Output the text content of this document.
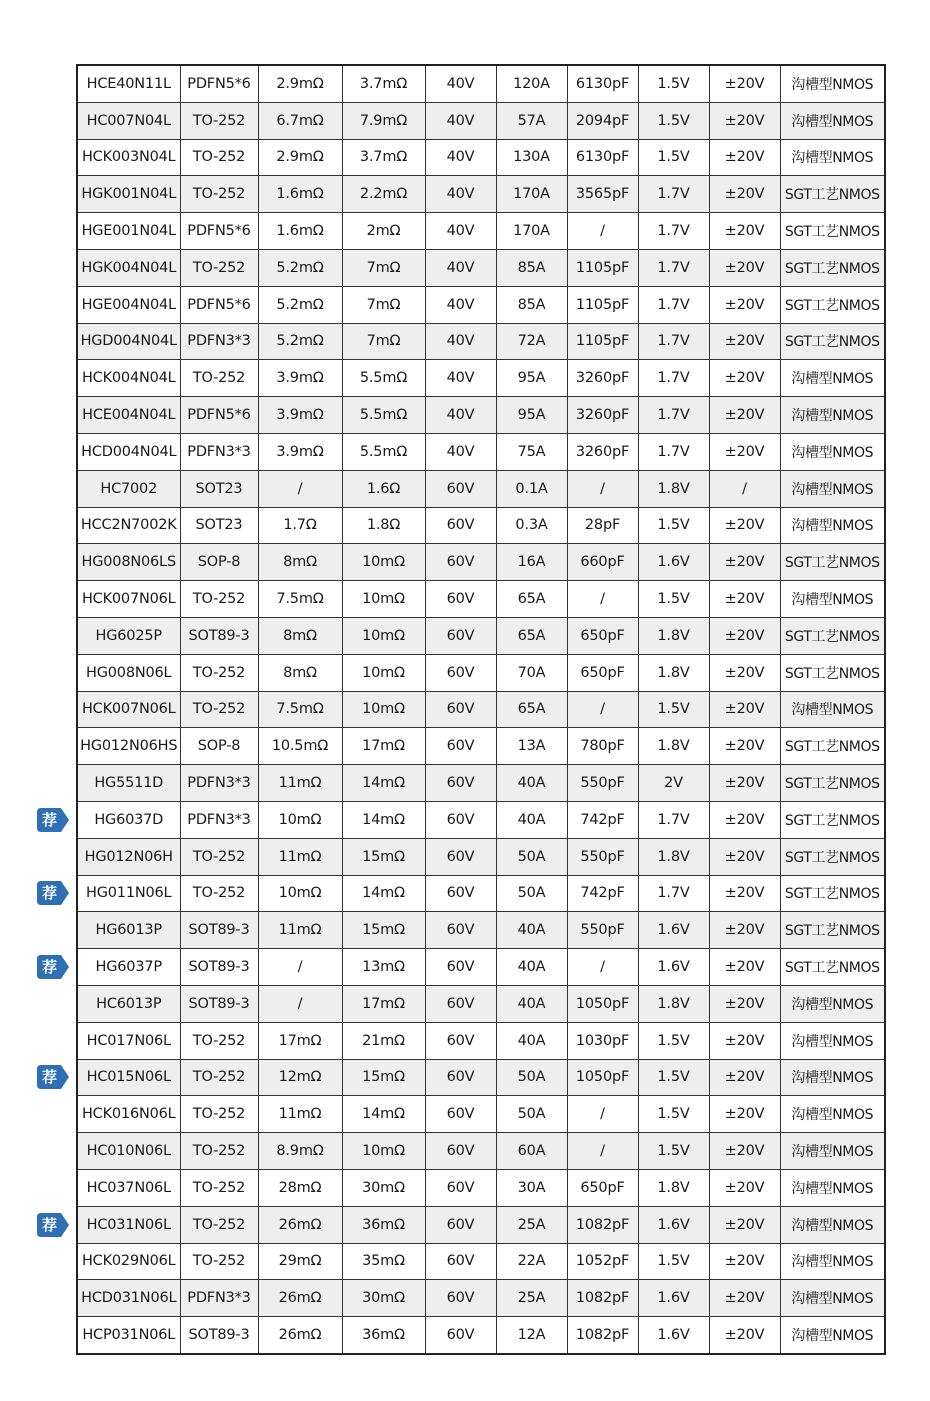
HCE40N11L	PDFN5*6	2.9mΩ	3.7mΩ	40V	120A	6130pF	1.5V	±20V	沟槽型NMOS
HC007N04L	TO-252	6.7mΩ	7.9mΩ	40V	57A	2094pF	1.5V	±20V	沟槽型NMOS
HCK003N04L	TO-252	2.9mΩ	3.7mΩ	40V	130A	6130pF	1.5V	±20V	沟槽型NMOS
HGK001N04L	TO-252	1.6mΩ	2.2mΩ	40V	170A	3565pF	1.7V	±20V	SGT工艺NMOS
HGE001N04L	PDFN5*6	1.6mΩ	2mΩ	40V	170A	/	1.7V	±20V	SGT工艺NMOS
HGK004N04L	TO-252	5.2mΩ	7mΩ	40V	85A	1105pF	1.7V	±20V	SGT工艺NMOS
HGE004N04L	PDFN5*6	5.2mΩ	7mΩ	40V	85A	1105pF	1.7V	±20V	SGT工艺NMOS
HGD004N04L	PDFN3*3	5.2mΩ	7mΩ	40V	72A	1105pF	1.7V	±20V	SGT工艺NMOS
HCK004N04L	TO-252	3.9mΩ	5.5mΩ	40V	95A	3260pF	1.7V	±20V	沟槽型NMOS
HCE004N04L	PDFN5*6	3.9mΩ	5.5mΩ	40V	95A	3260pF	1.7V	±20V	沟槽型NMOS
HCD004N04L	PDFN3*3	3.9mΩ	5.5mΩ	40V	75A	3260pF	1.7V	±20V	沟槽型NMOS
HC7002	SOT23	/	1.6Ω	60V	0.1A	/	1.8V	/	沟槽型NMOS
HCC2N7002K	SOT23	1.7Ω	1.8Ω	60V	0.3A	28pF	1.5V	±20V	沟槽型NMOS
HG008N06LS	SOP-8	8mΩ	10mΩ	60V	16A	660pF	1.6V	±20V	SGT工艺NMOS
HCK007N06L	TO-252	7.5mΩ	10mΩ	60V	65A	/	1.5V	±20V	沟槽型NMOS
HG6025P	SOT89-3	8mΩ	10mΩ	60V	65A	650pF	1.8V	±20V	SGT工艺NMOS
HG008N06L	TO-252	8mΩ	10mΩ	60V	70A	650pF	1.8V	±20V	SGT工艺NMOS
HCK007N06L	TO-252	7.5mΩ	10mΩ	60V	65A	/	1.5V	±20V	沟槽型NMOS
HG012N06HS	SOP-8	10.5mΩ	17mΩ	60V	13A	780pF	1.8V	±20V	SGT工艺NMOS
HG5511D	PDFN3*3	11mΩ	14mΩ	60V	40A	550pF	2V	±20V	SGT工艺NMOS
HG6037D	PDFN3*3	10mΩ	14mΩ	60V	40A	742pF	1.7V	±20V	SGT工艺NMOS
HG012N06H	TO-252	11mΩ	15mΩ	60V	50A	550pF	1.8V	±20V	SGT工艺NMOS
HG011N06L	TO-252	10mΩ	14mΩ	60V	50A	742pF	1.7V	±20V	SGT工艺NMOS
HG6013P	SOT89-3	11mΩ	15mΩ	60V	40A	550pF	1.6V	±20V	SGT工艺NMOS
HG6037P	SOT89-3	/	13mΩ	60V	40A	/	1.6V	±20V	SGT工艺NMOS
HC6013P	SOT89-3	/	17mΩ	60V	40A	1050pF	1.8V	±20V	沟槽型NMOS
HC017N06L	TO-252	17mΩ	21mΩ	60V	40A	1030pF	1.5V	±20V	沟槽型NMOS
HC015N06L	TO-252	12mΩ	15mΩ	60V	50A	1050pF	1.5V	±20V	沟槽型NMOS
HCK016N06L	TO-252	11mΩ	14mΩ	60V	50A	/	1.5V	±20V	沟槽型NMOS
HC010N06L	TO-252	8.9mΩ	10mΩ	60V	60A	/	1.5V	±20V	沟槽型NMOS
HC037N06L	TO-252	28mΩ	30mΩ	60V	30A	650pF	1.8V	±20V	沟槽型NMOS
HC031N06L	TO-252	26mΩ	36mΩ	60V	25A	1082pF	1.6V	±20V	沟槽型NMOS
HCK029N06L	TO-252	29mΩ	35mΩ	60V	22A	1052pF	1.5V	±20V	沟槽型NMOS
HCD031N06L	PDFN3*3	26mΩ	30mΩ	60V	25A	1082pF	1.6V	±20V	沟槽型NMOS
HCP031N06L	SOT89-3	26mΩ	36mΩ	60V	12A	1082pF	1.6V	±20V	沟槽型NMOS
荐
荐
荐
荐
荐
